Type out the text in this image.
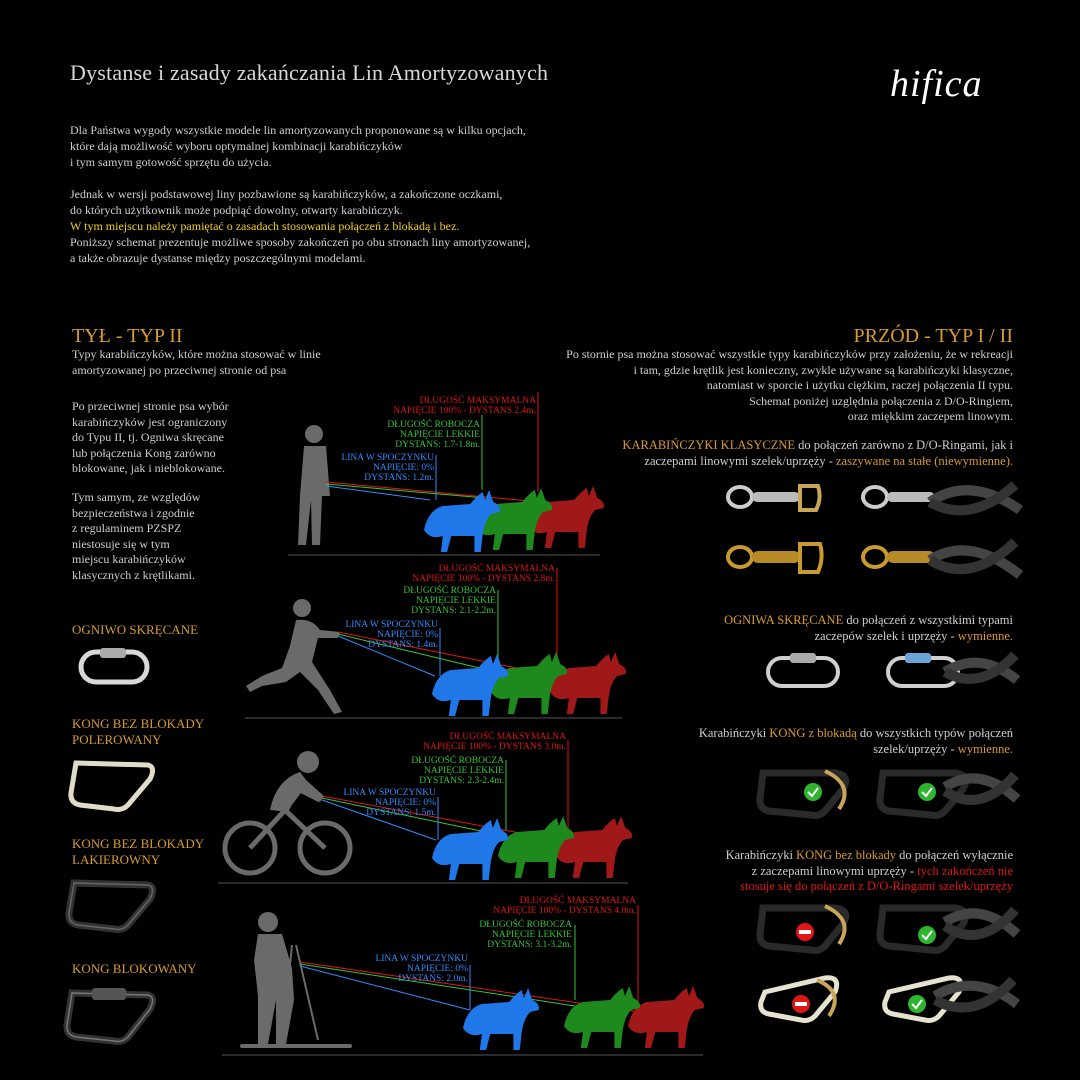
Dystanse i zasady zakańczania Lin Amortyzowanych	hifica

Dla Państwa wygody wszystkie modele lin amortyzowanych proponowane są w kilku opcjach,
które dają możliwość wyboru optymalnej kombinacji karabińczyków
i tym samym gotowość sprzętu do użycia.

Jednak w wersji podstawowej liny pozbawione są karabińczyków, a zakończone oczkami,
do których użytkownik może podpiąć dowolny, otwarty karabińczyk.
W tym miejscu należy pamiętać o zasadach stosowania połączeń z blokadą i bez.
Poniższy schemat prezentuje możliwe sposoby zakończeń po obu stronach liny amortyzowanej,
a także obrazuje dystanse między poszczególnymi modelami.

TYŁ - TYP II
Typy karabińczyków, które można stosować w linie
amortyzowanej po przeciwnej stronie od psa
Po przeciwnej stronie psa wybór
karabińczyków jest ograniczony
do Typu II, tj. Ogniwa skręcane
lub połączenia Kong zarówno
blokowane, jak i nieblokowane.
Tym samym, ze względów
bezpieczeństwa i zgodnie
z regulaminem PZSPZ
niestosuje się w tym
miejscu karabińczyków
klasycznych z krętlikami.
OGNIWO SKRĘCANE
KONG BEZ BLOKADY
POLEROWANY
KONG BEZ BLOKADY
LAKIEROWNY
KONG BLOKOWANY
PRZÓD - TYP I / II
Po stornie psa można stosować wszystkie typy karabińczyków przy założeniu, że w rekreacji
i tam, gdzie krętlik jest konieczny, zwykle używane są karabińczyki klasyczne,
natomiast w sporcie i użytku ciężkim, raczej połączenia II typu.
Schemat poniżej uzględnia połączenia z D/O-Ringiem,
oraz miękkim zaczepem linowym.
KARABIŃCZYKI KLASYCZNE do połączeń zarówno z D/O-Ringami, jak i
zaczepami linowymi szelek/uprzęży - zaszywane na stałe (niewymienne).
OGNIWA SKRĘCANE do połączeń z wszystkimi typami
zaczepów szelek i uprzęży - wymienne.
Karabińczyki KONG z blokadą do wszystkich typów połączeń
szelek/uprzęży - wymienne.
Karabińczyki KONG bez blokady do połączeń wyłącznie
z zaczepami linowymi uprzęży - tych zakończeń nie
stosuje się do połączeń z D/O-Ringami szelek/uprzęży
DŁUGOŚĆ MAKSYMALNA
NAPIĘCIE 100% - DYSTANS 2.4m.
DŁUGOŚĆ ROBOCZA
NAPIĘCIE LEKKIE
DYSTANS: 1.7-1.8m.
LINA W SPOCZYNKU
NAPIĘCIE: 0%
DYSTANS: 1.2m.
DŁUGOŚĆ MAKSYMALNA
NAPIĘCIE 100% - DYSTANS 2.8m.
DŁUGOŚĆ ROBOCZA
NAPIĘCIE LEKKIE
DYSTANS: 2.1-2.2m.
LINA W SPOCZYNKU
NAPIĘCIE: 0%
DYSTANS: 1.4m.
DŁUGOŚĆ MAKSYMALNA
NAPIĘCIE 100% - DYSTANS 3.0m.
DŁUGOŚĆ ROBOCZA
NAPIĘCIE LEKKIE
DYSTANS: 2.3-2.4m.
LINA W SPOCZYNKU
NAPIĘCIE: 0%
DYSTANS: 1.5m.
DŁUGOŚĆ MAKSYMALNA
NAPIĘCIE 100% - DYSTANS 4.0m.
DŁUGOŚĆ ROBOCZA
NAPIĘCIE LEKKIE
DYSTANS: 3.1-3.2m.
LINA W SPOCZYNKU
NAPIĘCIE: 0%
DYSTANS: 2.0m.
